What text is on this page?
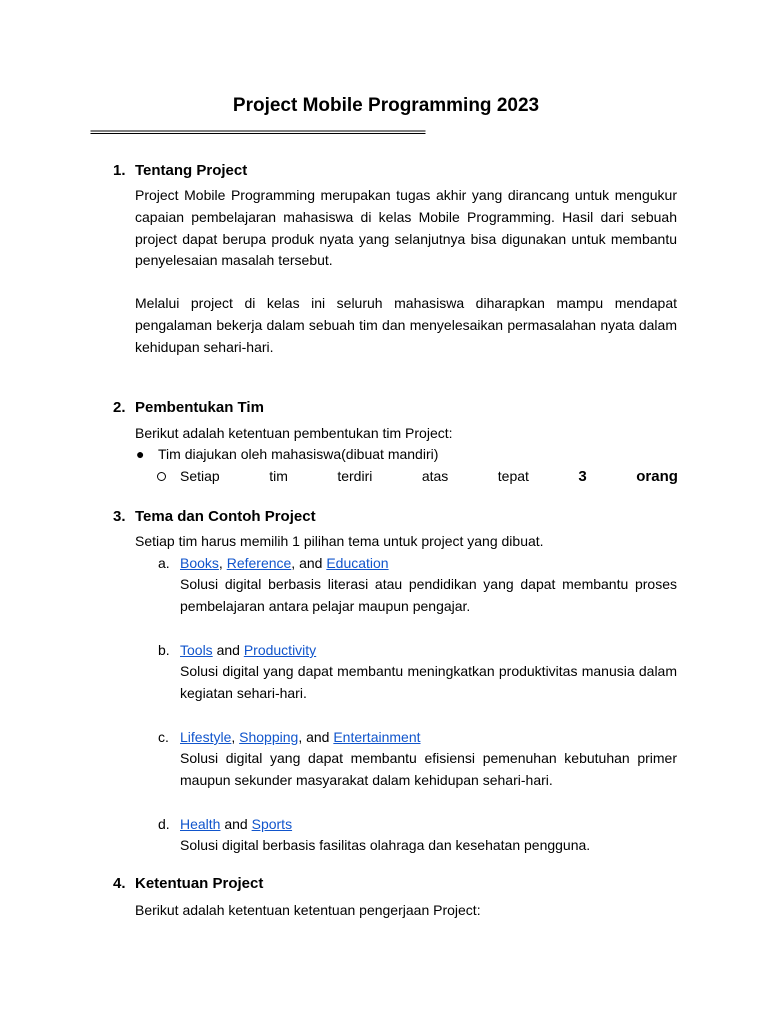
Project Mobile Programming 2023
==========================================================================
1. Tentang Project
Project Mobile Programming merupakan tugas akhir yang dirancang untuk mengukur capaian pembelajaran mahasiswa di kelas Mobile Programming. Hasil dari sebuah project dapat berupa produk nyata yang selanjutnya bisa digunakan untuk membantu penyelesaian masalah tersebut.
Melalui project di kelas ini seluruh mahasiswa diharapkan mampu mendapat pengalaman bekerja dalam sebuah tim dan menyelesaikan permasalahan nyata dalam kehidupan sehari-hari.
2. Pembentukan Tim
Berikut adalah ketentuan pembentukan tim Project:
● Tim diajukan oleh mahasiswa(dibuat mandiri)
Setiap	tim	terdiri	atas	tepat	3	orang
3. Tema dan Contoh Project
Setiap tim harus memilih 1 pilihan tema untuk project yang dibuat.
a. Books, Reference, and Education
Solusi digital berbasis literasi atau pendidikan yang dapat membantu proses pembelajaran antara pelajar maupun pengajar.
b. Tools and Productivity
Solusi digital yang dapat membantu meningkatkan produktivitas manusia dalam kegiatan sehari-hari.
c. Lifestyle, Shopping, and Entertainment
Solusi digital yang dapat membantu efisiensi pemenuhan kebutuhan primer maupun sekunder masyarakat dalam kehidupan sehari-hari.
d. Health and Sports
Solusi digital berbasis fasilitas olahraga dan kesehatan pengguna.
4. Ketentuan Project
Berikut adalah ketentuan ketentuan pengerjaan Project:
